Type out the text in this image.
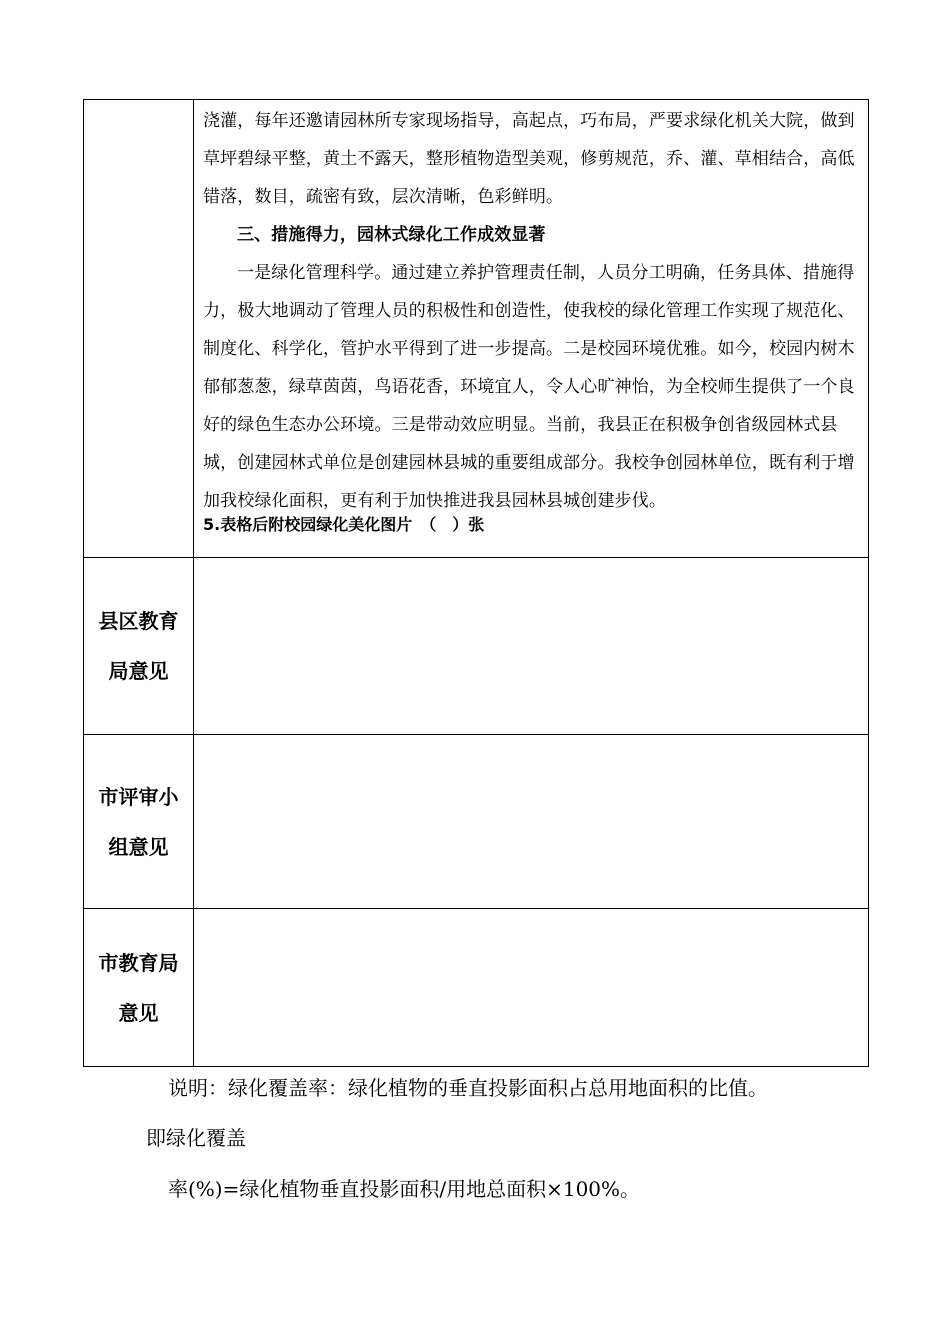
	浇灌，每年还邀请园林所专家现场指导，高起点，巧布局，严要求绿化机关大院，做到草坪碧绿平整，黄土不露天，整形植物造型美观，修剪规范，乔、灌、草相结合，高低错落，数目，疏密有致，层次清晰，色彩鲜明。

三、措施得力，园林式绿化工作成效显著

一是绿化管理科学。通过建立养护管理责任制，人员分工明确，任务具体、措施得力，极大地调动了管理人员的积极性和创造性，使我校的绿化管理工作实现了规范化、制度化、科学化，管护水平得到了进一步提高。二是校园环境优雅。如今，校园内树木郁郁葱葱，绿草茵茵，鸟语花香，环境宜人，令人心旷神怡，为全校师生提供了一个良好的绿色生态办公环境。三是带动效应明显。当前，我县正在积极争创省级园林式县城，创建园林式单位是创建园林县城的重要组成部分。我校争创园林单位，既有利于增加我校绿化面积，更有利于加快推进我县园林县城创建步伐。

5.表格后附校园绿化美化图片　（　）张

县区教育
局意见	

市评审小
组意见	

市教育局
意见	

说明：绿化覆盖率：绿化植物的垂直投影面积占总用地面积的比值。
即绿化覆盖
率(%)=绿化植物垂直投影面积/用地总面积×100%。
